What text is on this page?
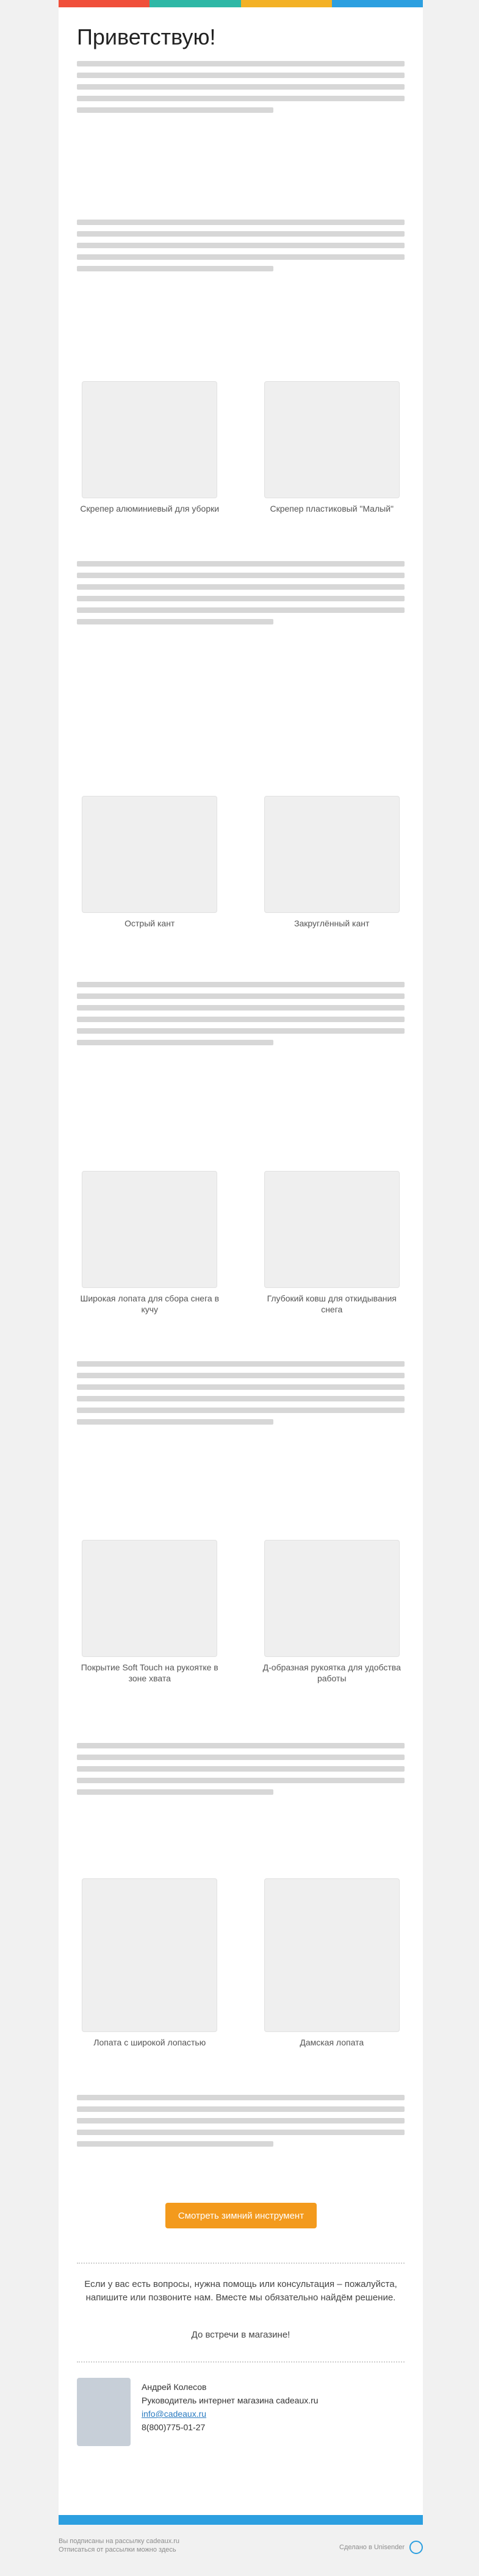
Приветствую!
Скрепер алюминиевый для уборки	Скрепер пластиковый "Малый"
Острый кант	Закруглённый кант
Широкая лопата для сбора снега в кучу
Глубокий ковш для откидывания снега
Покрытие Soft Touch на рукоятке в зоне хвата
Д-образная рукоятка для удобства работы
Лопата с широкой лопастью	Дамская лопата
Смотреть зимний инструмент
Если у вас есть вопросы, нужна помощь или консультация – пожалуйста, напишите или позвоните нам. Вместе мы обязательно найдём решение.
До встречи в магазине!
Андрей Колесов
Руководитель интернет магазина cadeaux.ru
info@cadeaux.ru
8(800)775-01-27
Вы подписаны на рассылку cadeaux.ru
Отписаться от рассылки можно здесь	Сделано в Unisender
